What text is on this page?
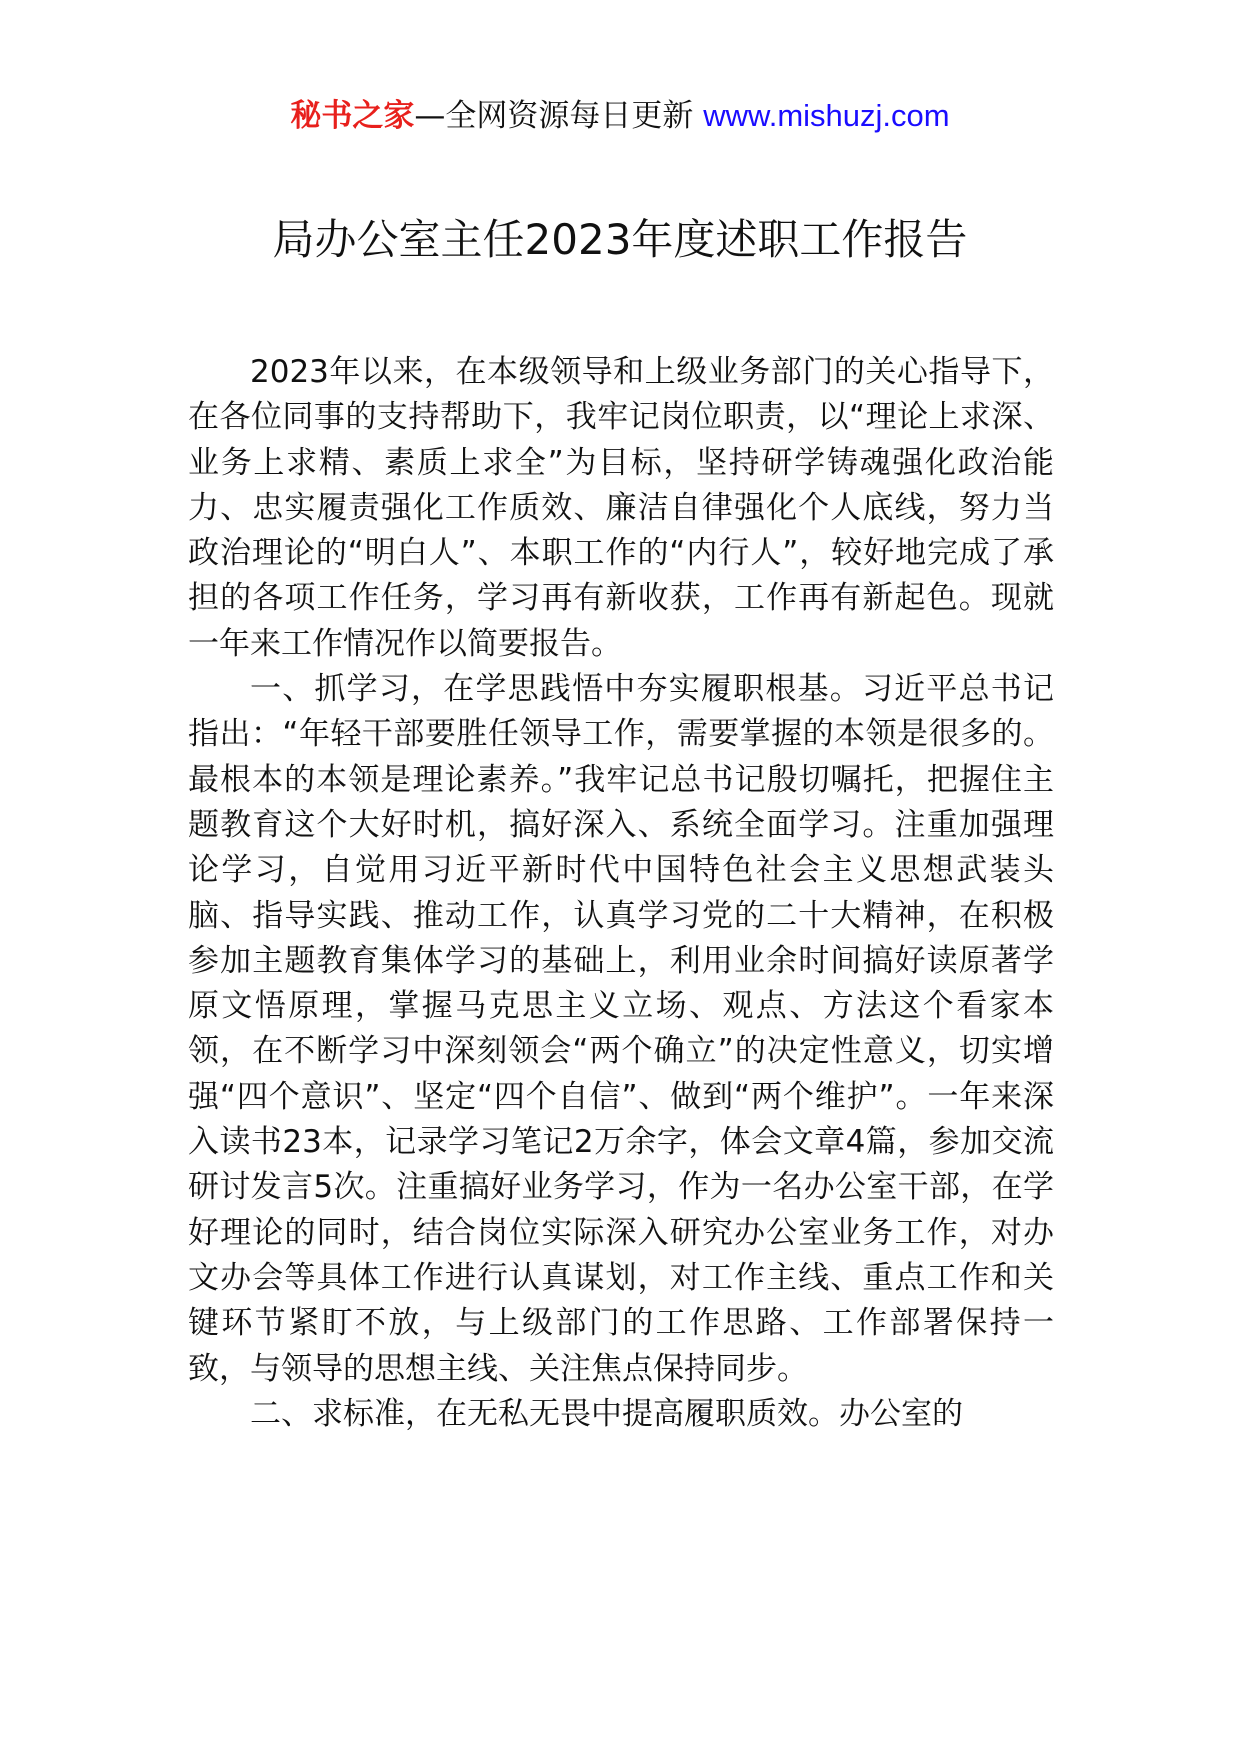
秘书之家—全网资源每日更新 www.mishuzj.com
局办公室主任2023年度述职工作报告

2023年以来，在本级领导和上级业务部门的关心指导下，在各位同事的支持帮助下，我牢记岗位职责，以“理论上求深、业务上求精、素质上求全”为目标，坚持研学铸魂强化政治能力、忠实履责强化工作质效、廉洁自律强化个人底线，努力当政治理论的“明白人”、本职工作的“内行人”，较好地完成了承担的各项工作任务，学习再有新收获，工作再有新起色。现就一年来工作情况作以简要报告。

一、抓学习，在学思践悟中夯实履职根基。习近平总书记指出：“年轻干部要胜任领导工作，需要掌握的本领是很多的。最根本的本领是理论素养。”我牢记总书记殷切嘱托，把握住主题教育这个大好时机，搞好深入、系统全面学习。注重加强理论学习，自觉用习近平新时代中国特色社会主义思想武装头脑、指导实践、推动工作，认真学习党的二十大精神，在积极参加主题教育集体学习的基础上，利用业余时间搞好读原著学原文悟原理，掌握马克思主义立场、观点、方法这个看家本领，在不断学习中深刻领会“两个确立”的决定性意义，切实增强“四个意识”、坚定“四个自信”、做到“两个维护”。一年来深入读书23本，记录学习笔记2万余字，体会文章4篇，参加交流研讨发言5次。注重搞好业务学习，作为一名办公室干部，在学好理论的同时，结合岗位实际深入研究办公室业务工作，对办文办会等具体工作进行认真谋划，对工作主线、重点工作和关键环节紧盯不放，与上级部门的工作思路、工作部署保持一致，与领导的思想主线、关注焦点保持同步。

二、求标准，在无私无畏中提高履职质效。办公室的
